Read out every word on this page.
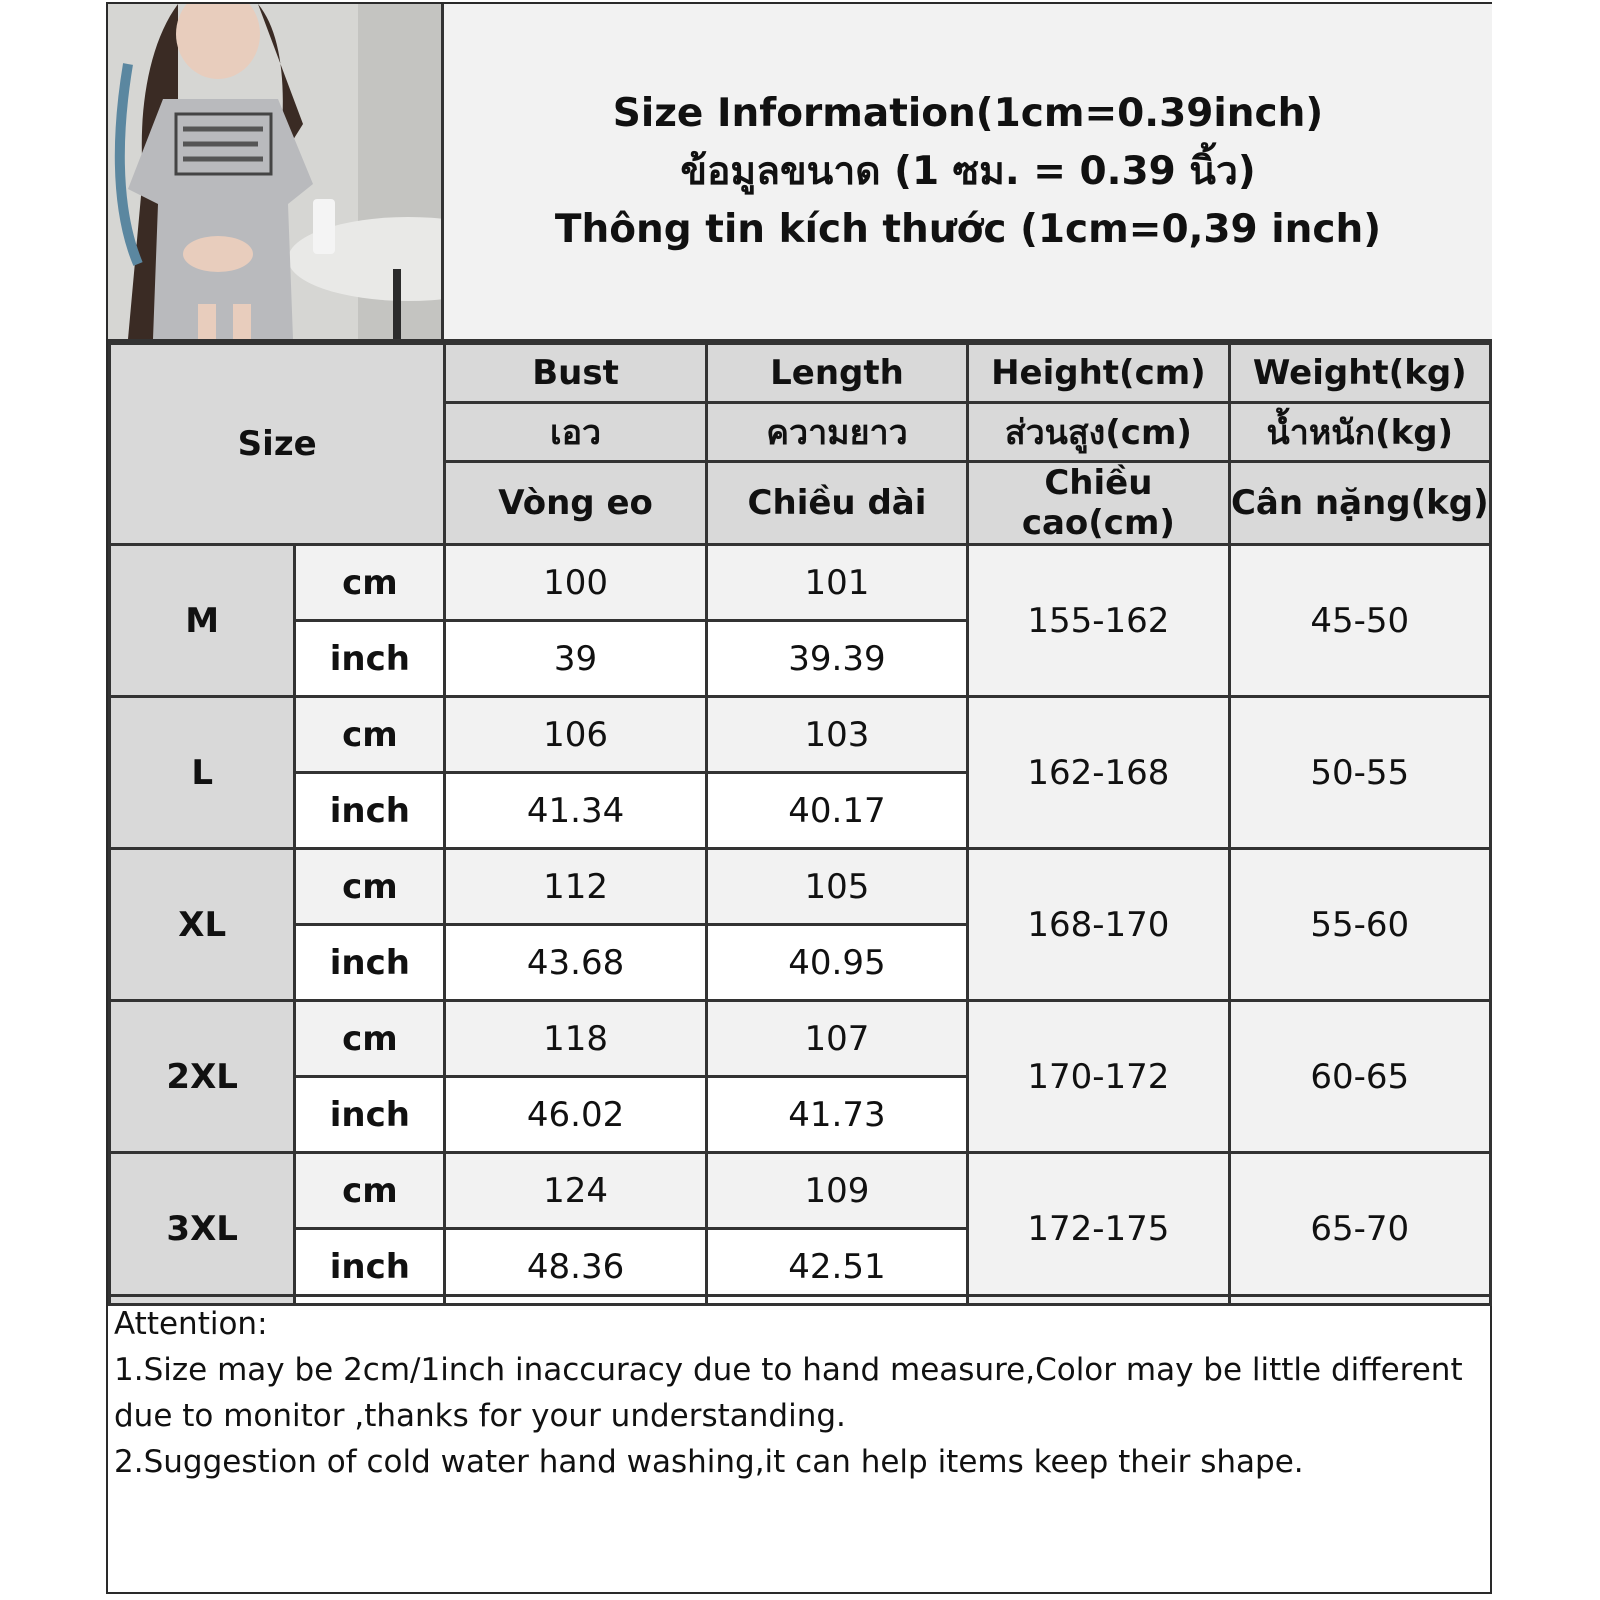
Size Information(1cm=0.39inch)
ข้อมูลขนาด (1 ซม. = 0.39 นิ้ว)
Thông tin kích thước (1cm=0,39 inch)
Size		Bust	Length	Height(cm)	Weight(kg)
		เอว	ความยาว	ส่วนสูง(cm)	น้ำหนัก(kg)
		Vòng eo	Chiều dài	Chiều cao(cm)	Cân nặng(kg)
M	cm	100	101	155-162	45-50
	inch	39	39.39		
L	cm	106	103	162-168	50-55
	inch	41.34	40.17		
XL	cm	112	105	168-170	55-60
	inch	43.68	40.95		
2XL	cm	118	107	170-172	60-65
	inch	46.02	41.73		
3XL	cm	124	109	172-175	65-70
	inch	48.36	42.51		
Attention:
1.Size may be 2cm/1inch inaccuracy due to hand measure,Color may be little different due to monitor ,thanks for your understanding.
2.Suggestion of cold water hand washing,it can help items keep their shape.
